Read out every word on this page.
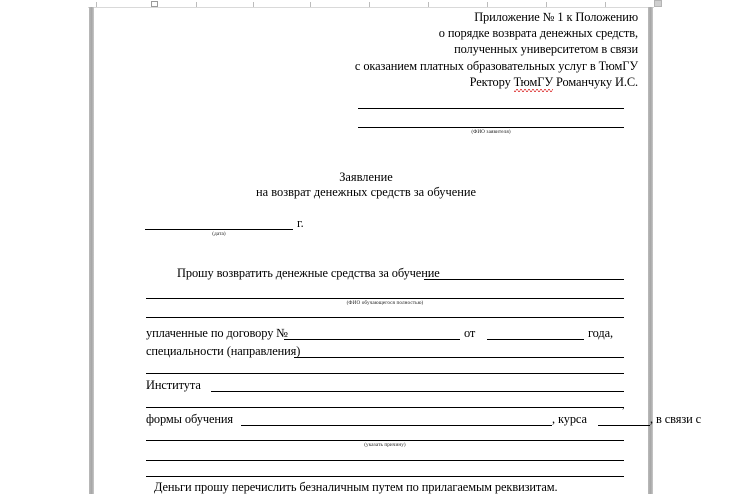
Приложение № 1 к Положению
о порядке возврата денежных средств,
полученных университетом в связи
с оказанием платных образовательных услуг в ТюмГУ
Ректору ТюмГУ Романчуку И.С.
(ФИО заявителя)
Заявление
на возврат денежных средств за обучение
г.
(дата)
Прошу возвратить денежные средства за обучение
(ФИО обучающегося полностью)
уплаченные по договору №	от	года,
специальности (направления)
Института
,
формы обучения	, курса	, в связи с
(указать причину)
Деньги прошу перечислить безналичным путем по прилагаемым реквизитам.
